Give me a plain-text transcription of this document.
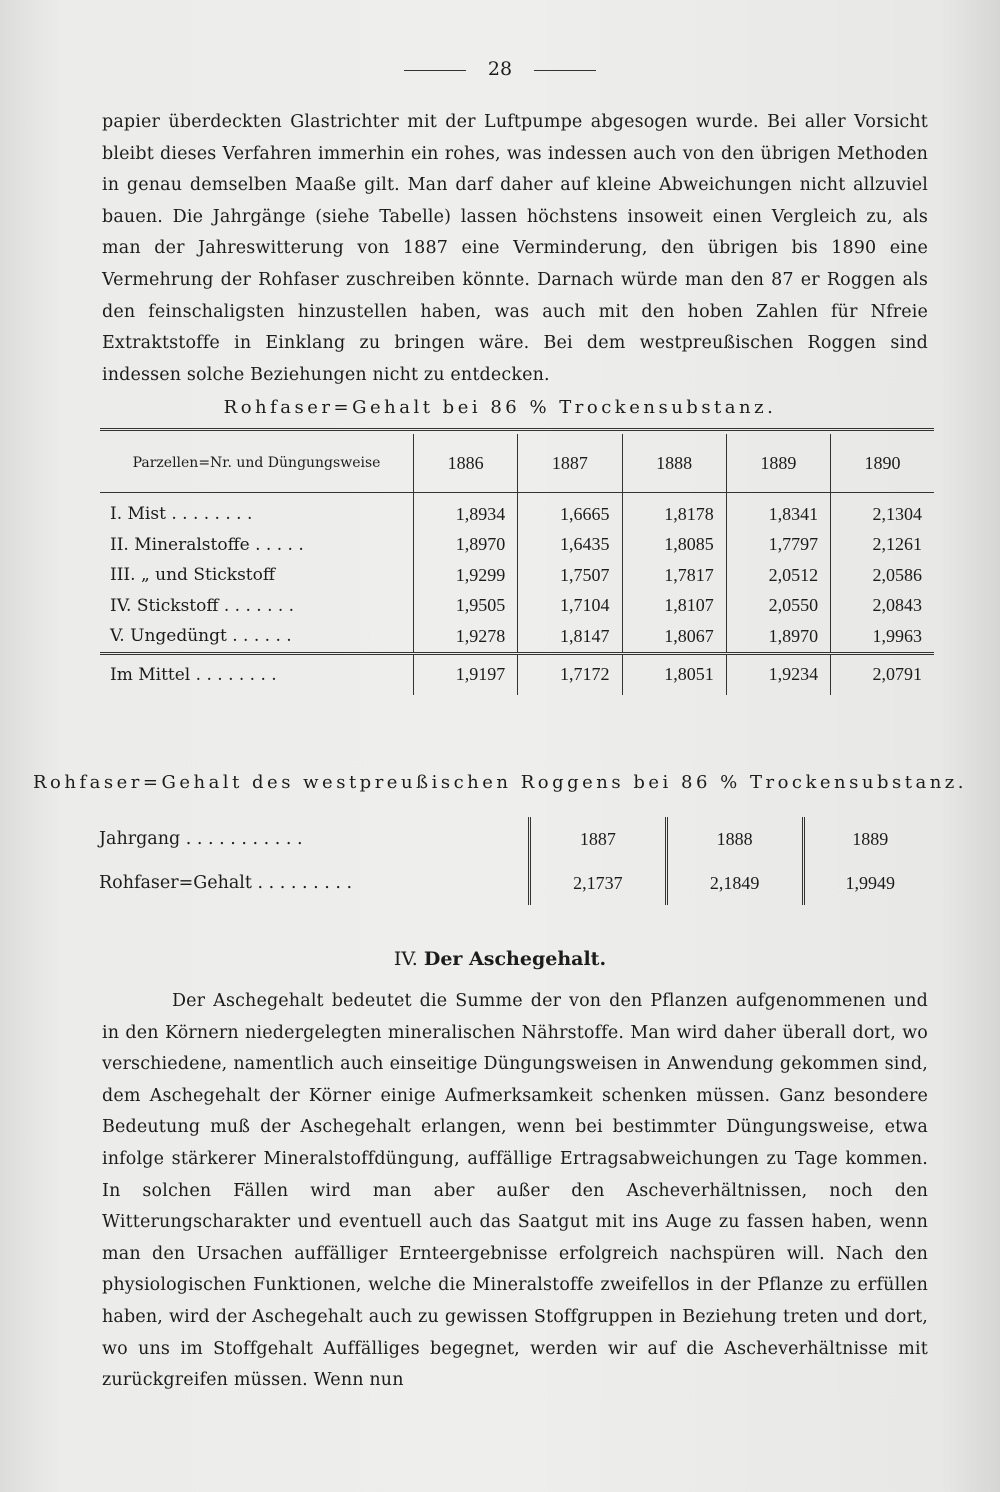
28
papier überdeckten Glastrichter mit der Luftpumpe abgesogen wurde. Bei aller Vorsicht bleibt dieses Verfahren immerhin ein rohes, was indessen auch von den übrigen Methoden in genau demselben Maaße gilt. Man darf daher auf kleine Abweichungen nicht allzuviel bauen. Die Jahrgänge (siehe Tabelle) lassen höchstens insoweit einen Vergleich zu, als man der Jahreswitterung von 1887 eine Verminderung, den übrigen bis 1890 eine Vermehrung der Rohfaser zuschreiben könnte. Darnach würde man den 87 er Roggen als den feinschaligsten hinzustellen haben, was auch mit den hoben Zahlen für Nfreie Extraktstoffe in Einklang zu bringen wäre. Bei dem westpreußischen Roggen sind indessen solche Beziehungen nicht zu entdecken.
Rohfaser=Gehalt bei 86 % Trockensubstanz.
Parzellen=Nr. und Düngungsweise	1886	1887	1888	1889	1890
I. Mist . . . . . . . .	1,8934	1,6665	1,8178	1,8341	2,1304
II. Mineralstoffe . . . . .	1,8970	1,6435	1,8085	1,7797	2,1261
III. „ und Stickstoff	1,9299	1,7507	1,7817	2,0512	2,0586
IV. Stickstoff . . . . . . .	1,9505	1,7104	1,8107	2,0550	2,0843
V. Ungedüngt . . . . . .	1,9278	1,8147	1,8067	1,8970	1,9963
Im Mittel . . . . . . . .	1,9197	1,7172	1,8051	1,9234	2,0791
Rohfaser=Gehalt des westpreußischen Roggens bei 86 % Trockensubstanz.
Jahrgang . . . . . . . . . . .	1887	1888	1889
Rohfaser=Gehalt . . . . . . . . .	2,1737	2,1849	1,9949
IV. Der Aschegehalt.
Der Aschegehalt bedeutet die Summe der von den Pflanzen aufgenommenen und in den Körnern niedergelegten mineralischen Nährstoffe. Man wird daher überall dort, wo verschiedene, namentlich auch einseitige Düngungsweisen in Anwendung gekommen sind, dem Aschegehalt der Körner einige Aufmerksamkeit schenken müssen. Ganz besondere Bedeutung muß der Aschegehalt erlangen, wenn bei bestimmter Düngungsweise, etwa infolge stärkerer Mineralstoffdüngung, auffällige Ertragsabweichungen zu Tage kommen. In solchen Fällen wird man aber außer den Ascheverhältnissen, noch den Witterungscharakter und eventuell auch das Saatgut mit ins Auge zu fassen haben, wenn man den Ursachen auffälliger Ernteergebnisse erfolgreich nachspüren will. Nach den physiologischen Funktionen, welche die Mineralstoffe zweifellos in der Pflanze zu erfüllen haben, wird der Aschegehalt auch zu gewissen Stoffgruppen in Beziehung treten und dort, wo uns im Stoffgehalt Auffälliges begegnet, werden wir auf die Ascheverhältnisse mit zurückgreifen müssen. Wenn nun
